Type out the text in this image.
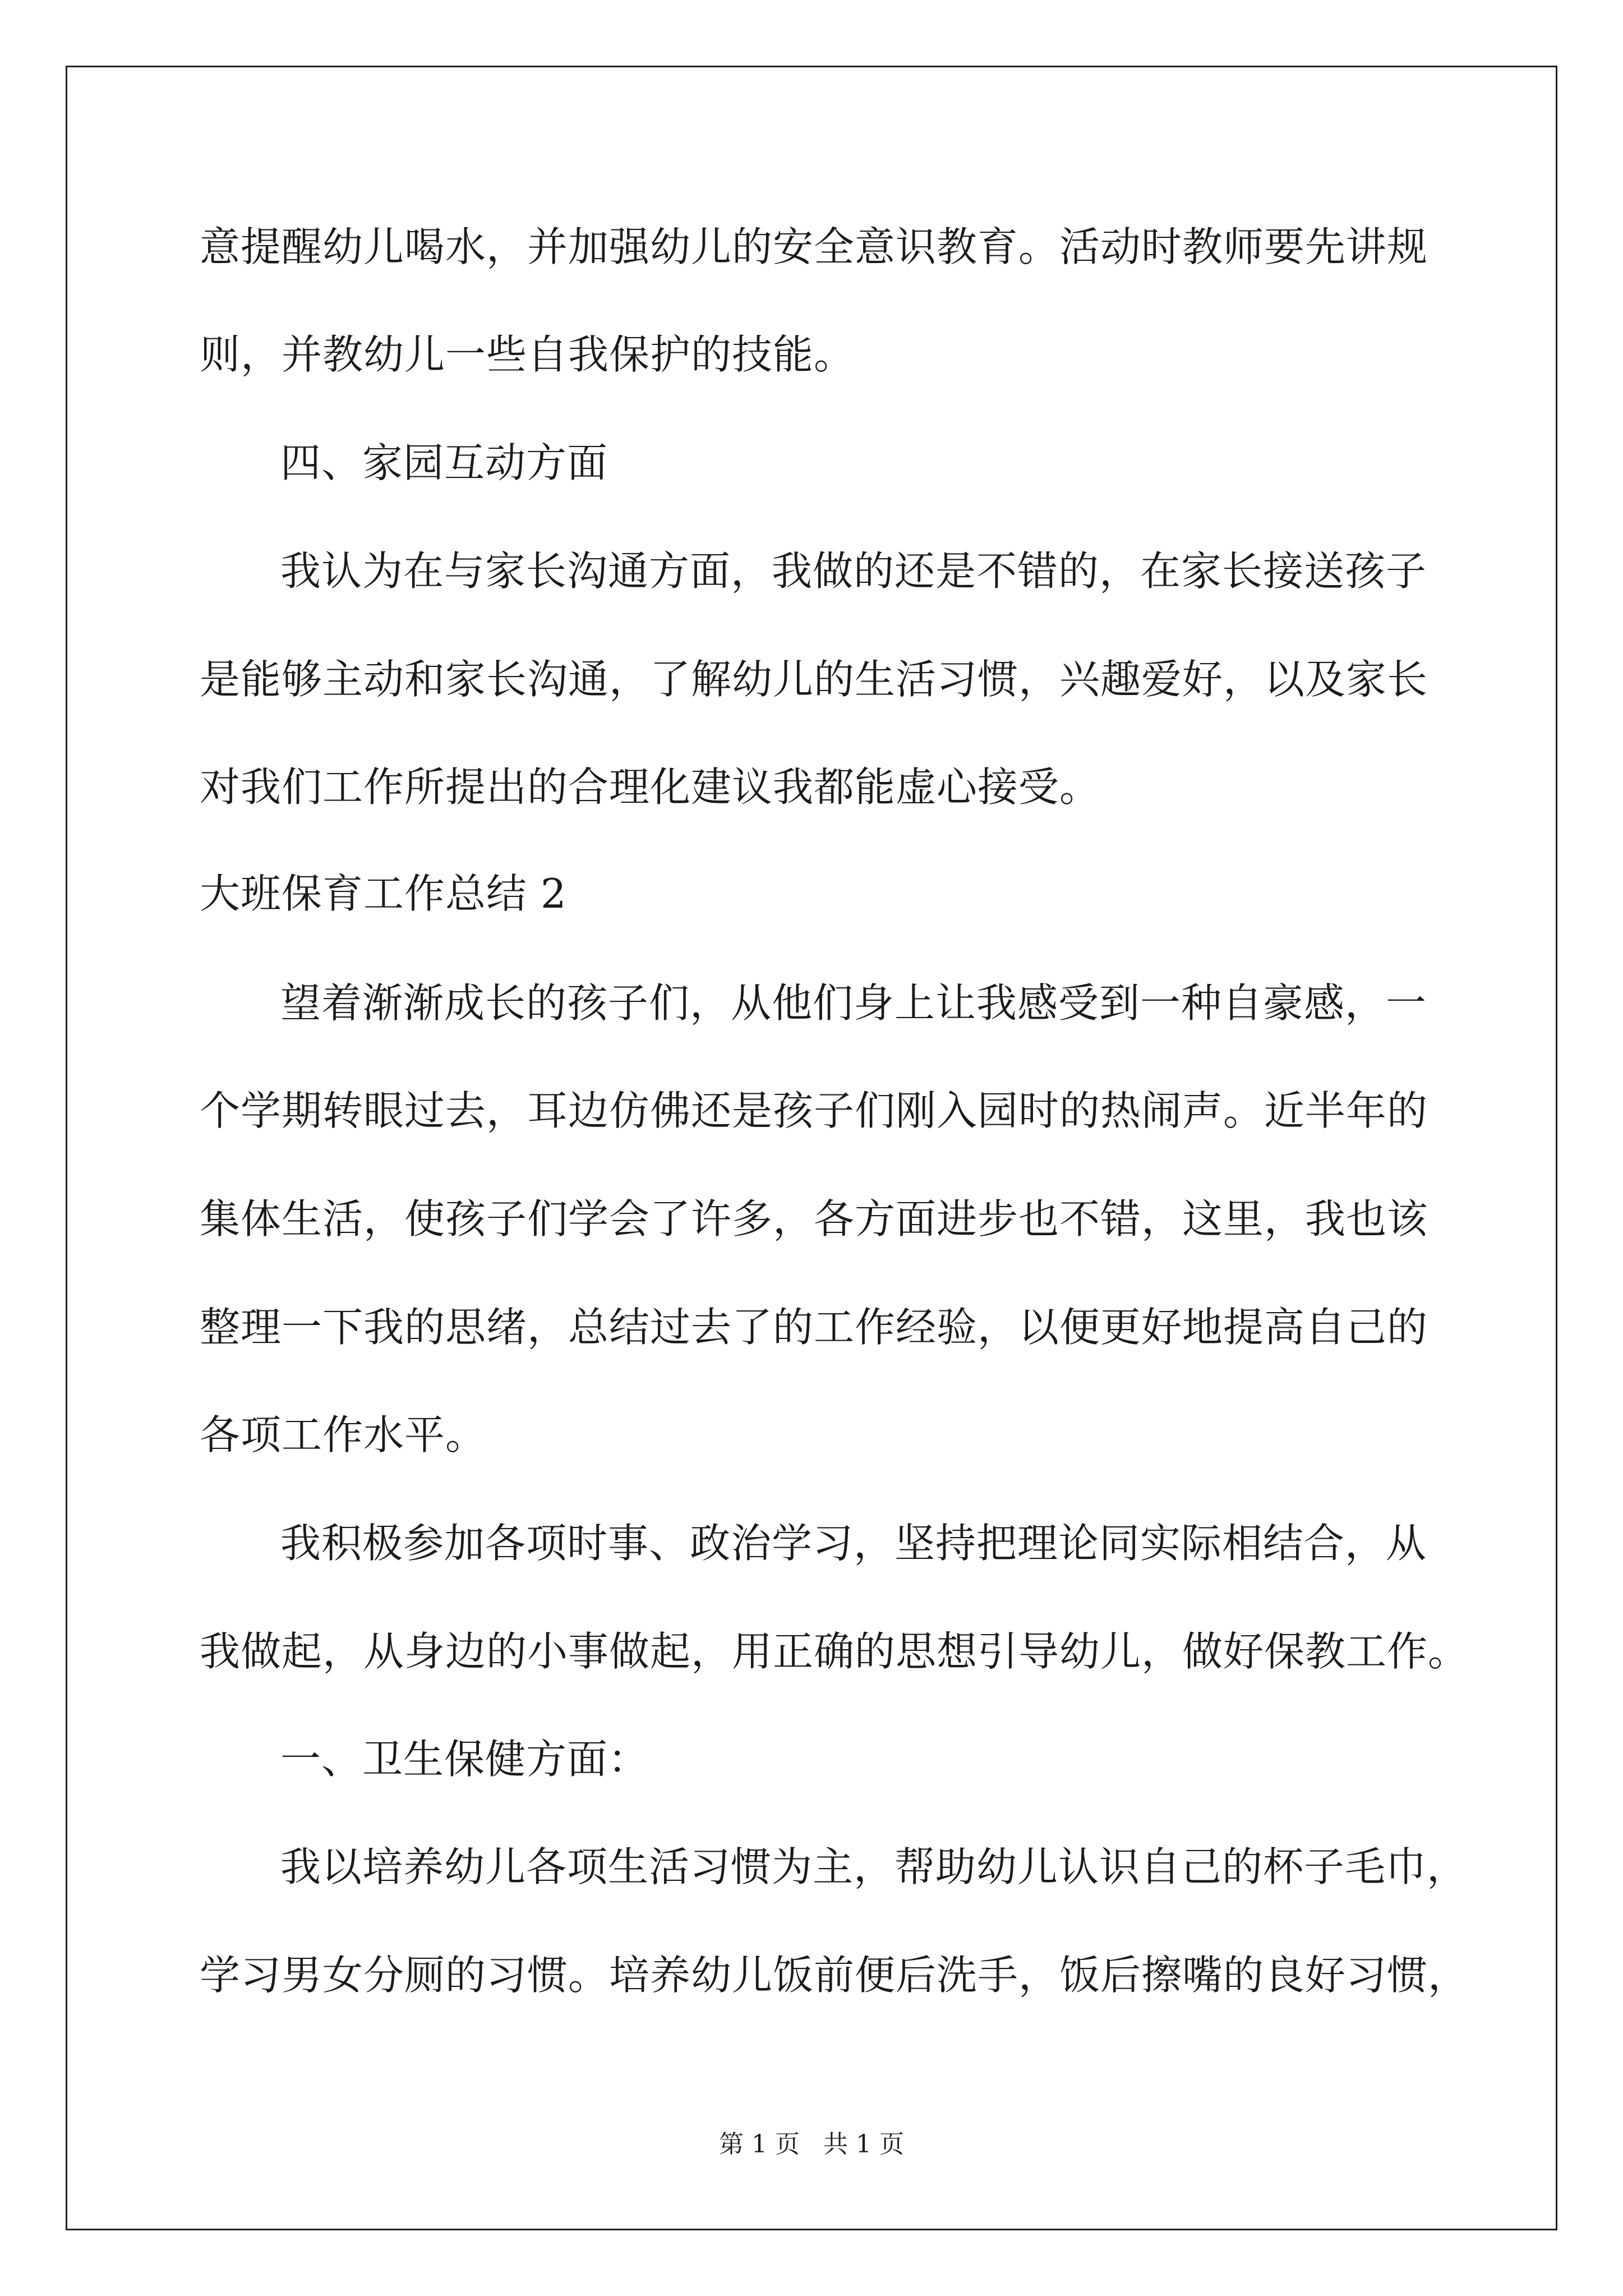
意提醒幼儿喝水，并加强幼儿的安全意识教育。活动时教师要先讲规
则，并教幼儿一些自我保护的技能。
四、家园互动方面
我认为在与家长沟通方面，我做的还是不错的，在家长接送孩子
是能够主动和家长沟通，了解幼儿的生活习惯，兴趣爱好，以及家长
对我们工作所提出的合理化建议我都能虚心接受。
大班保育工作总结 2
望着渐渐成长的孩子们，从他们身上让我感受到一种自豪感，一
个学期转眼过去，耳边仿佛还是孩子们刚入园时的热闹声。近半年的
集体生活，使孩子们学会了许多，各方面进步也不错，这里，我也该
整理一下我的思绪，总结过去了的工作经验，以便更好地提高自己的
各项工作水平。
我积极参加各项时事、政治学习，坚持把理论同实际相结合，从
我做起，从身边的小事做起，用正确的思想引导幼儿，做好保教工作。
一、卫生保健方面：
我以培养幼儿各项生活习惯为主，帮助幼儿认识自己的杯子毛巾，
学习男女分厕的习惯。培养幼儿饭前便后洗手，饭后擦嘴的良好习惯，
第 1 页 共 1 页
